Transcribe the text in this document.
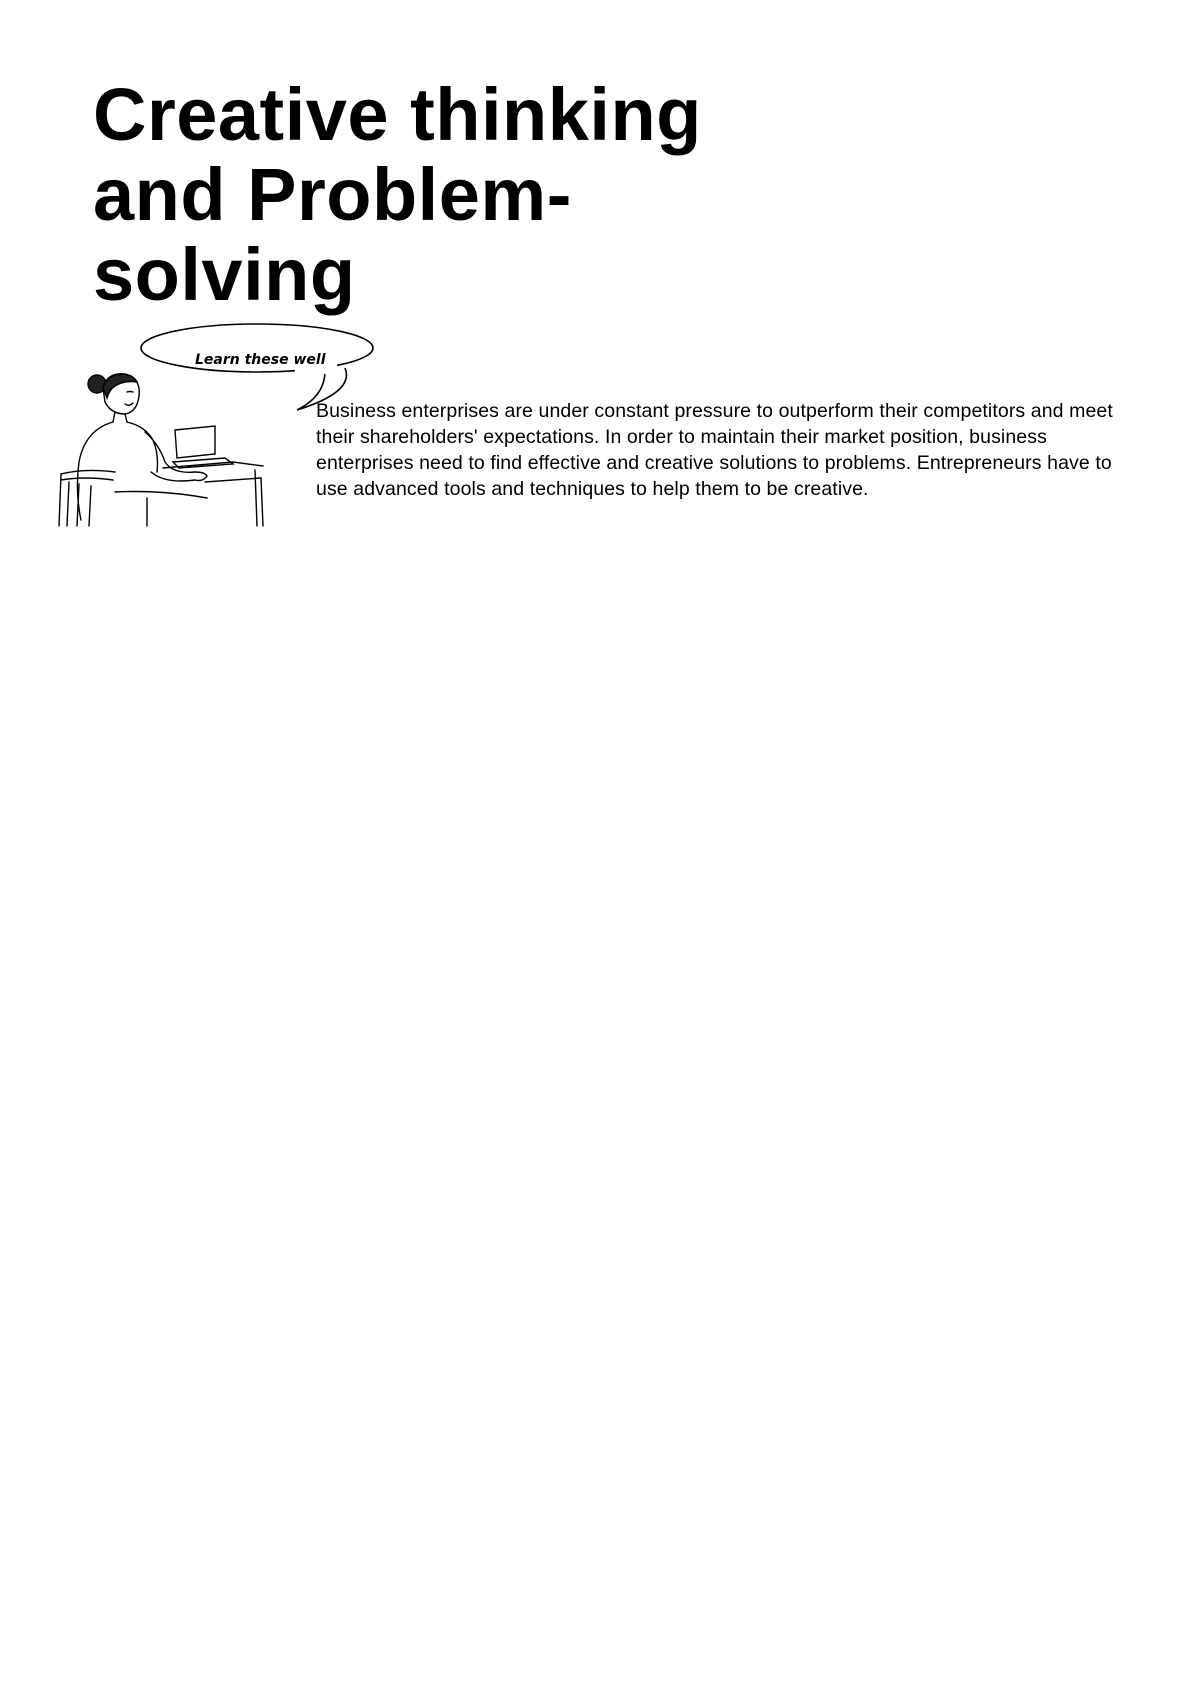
Creative thinking and Problem-solving
Learn these well

Business enterprises are under constant pressure to outperform their competitors and meet their shareholders' expectations. In order to maintain their market position, business enterprises need to find effective and creative solutions to problems. Entrepreneurs have to use advanced tools and techniques to help them to be creative.
